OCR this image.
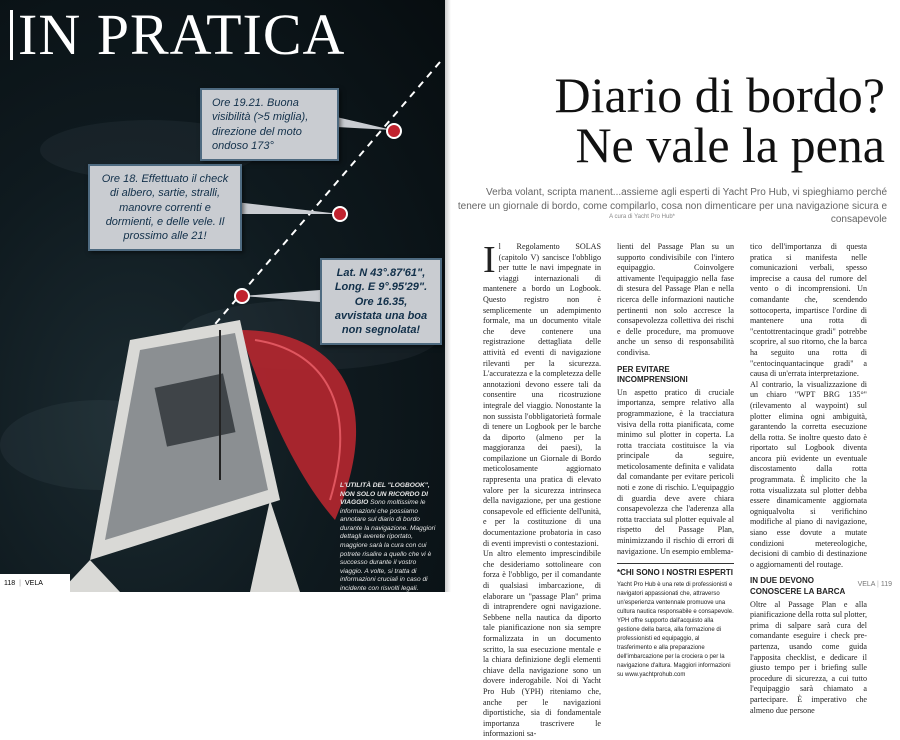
IN PRATICA
Ore 19.21. Buona visibilità (>5 miglia), direzione del moto ondoso 173°
Ore 18. Effettuato il check di albero, sartie, stralli, manovre correnti e dormienti, e delle vele. Il prossimo alle 21!
Lat. N 43°.87'61", Long. E 9°.95'29". Ore 16.35, avvistata una boa non segnolata!
L'UTILITÀ DEL "LOGBOOK", NON SOLO UN RICORDO DI VIAGGIO Sono moltissime le informazioni che possiamo annotare sul diario di bordo durante la navigazione. Maggiori dettagli averete riportato, maggiore sarà la cura con cui potrete risalire a quello che vi è successo durante il vostro viaggio. A volte, si tratta di informazioni cruciali in caso di incidente con risvolti legali.
118 | VELA
Diario di bordo?
Ne vale la pena
Verba volant, scripta manent...assieme agli esperti di Yacht Pro Hub, vi spieghiamo perché tenere un giornale di bordo, come compilarlo, cosa non dimenticare per una navigazione sicura e consapevole
A cura di Yacht Pro Hub*
I l Regolamento SOLAS (capitolo V) sancisce l'obbligo per tutte le navi impegnate in viaggi internazionali di mantenere a bordo un Logbook. Questo registro non è semplicemente un adempimento formale, ma un documento vitale che deve contenere una registrazione dettagliata delle attività ed eventi di navigazione rilevanti per la sicurezza. L'accuratezza e la completezza delle annotazioni devono essere tali da consentire una ricostruzione integrale del viaggio. Nonostante la non sussista l'obbligatorietà formale di tenere un Logbook per le barche da diporto (almeno per la maggioranza dei paesi), la compilazione un Giornale di Bordo meticolosamente aggiornato rappresenta una pratica di elevato valore per la sicurezza intrinseca della navigazione, per una gestione consapevole ed efficiente dell'unità, e per la costituzione di una documentazione probatoria in caso di eventi imprevisti o contestazioni.

Un altro elemento imprescindibile che desideriamo sottolineare con forza è l'obbligo, per il comandante di qualsiasi imbarcazione, di elaborare un "passage Plan" prima di intraprendere ogni navigazione. Sebbene nella nautica da diporto tale pianificazione non sia sempre formalizzata in un documento scritto, la sua esecuzione mentale e la chiara definizione degli elementi chiave della navigazione sono un dovere inderogabile. Noi di Yacht Pro Hub (YPH) riteniamo che, anche per le navigazioni diportistiche, sia di fondamentale importanza trascrivere le informazioni sa-

lienti del Passage Plan su un supporto condivisibile con l'intero equipaggio. Coinvolgere attivamente l'equipaggio nella fase di stesura del Passage Plan e nella ricerca delle informazioni nautiche pertinenti non solo accresce la consapevolezza collettiva dei rischi e delle procedure, ma promuove anche un senso di responsabilità condivisa.

PER EVITARE INCOMPRENSIONI

Un aspetto pratico di cruciale importanza, sempre relativo alla programmazione, è la tracciatura visiva della rotta pianificata, come minimo sul plotter in coperta. La rotta tracciata costituisce la via principale da seguire, meticolosamente definita e validata dal comandante per evitare pericoli noti e zone di rischio. L'equipaggio di guardia deve avere chiara consapevolezza che l'aderenza alla rotta tracciata sul plotter equivale al rispetto del Passage Plan, minimizzando il rischio di errori di navigazione. Un esempio emblema-

*CHI SONO I NOSTRI ESPERTI

Yacht Pro Hub è una rete di professionisti e navigatori appassionati che, attraverso un'esperienza ventennale promuove una cultura nautica responsabile e consapevole. YPH offre supporto dall'acquisto alla gestione della barca, alla formazione di professionisti ed equipaggio, al trasferimento e alla preparazione dell'imbarcazione per la crociera o per la navigazione d'altura. Maggiori informazioni su www.yachtprohub.com

tico dell'importanza di questa pratica si manifesta nelle comunicazioni verbali, spesso imprecise a causa del rumore del vento o di incomprensioni. Un comandante che, scendendo sottocoperta, impartisce l'ordine di mantenere una rotta di "centottrentacinque gradi" potrebbe scoprire, al suo ritorno, che la barca ha seguito una rotta di "centocinquantacinque gradi" a causa di un'errata interpretazione.

Al contrario, la visualizzazione di un chiaro "WPT BRG 135°" (rilevamento al waypoint) sul plotter elimina ogni ambiguità, garantendo la corretta esecuzione della rotta. Se inoltre questo dato è riportato sul Logbook diventa ancora più evidente un eventuale discostamento dalla rotta programmata. È implicito che la rotta visualizzata sul plotter debba essere dinamicamente aggiornata ogniqualvolta si verifichino modifiche al piano di navigazione, siano esse dovute a mutate condizioni metereologiche, decisioni di cambio di destinazione o aggiornamenti del routage.

IN DUE DEVONO CONOSCERE LA BARCA

Oltre al Passage Plan e alla pianificazione della rotta sul plotter, prima di salpare sarà cura del comandante eseguire i check pre-partenza, usando come guida l'apposita checklist, e dedicare il giusto tempo per i briefing sulle procedure di sicurezza, a cui tutto l'equipaggio sarà chiamato a partecipare. È imperativo che almeno due persone

VELA | 119
